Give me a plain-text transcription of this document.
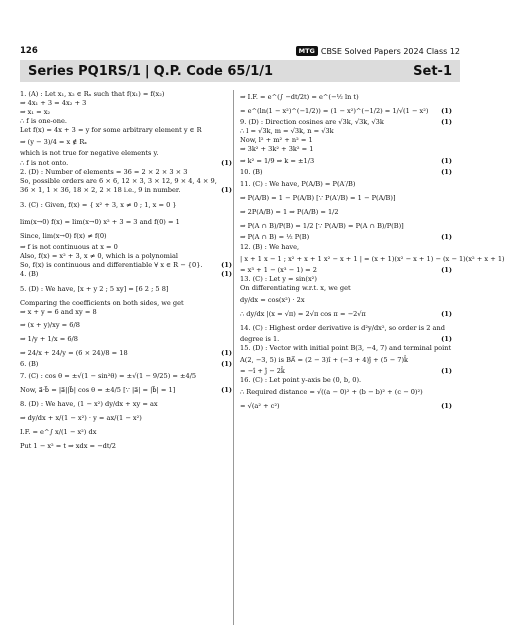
126	MTG CBSE Solved Papers 2024 Class 12
Series PQ1RS/1 | Q.P. Code 65/1/1	Set-1
1. (A) : Let x₁, x₂ ∈ Rₓ such that f(x₁) = f(x₂)
⇒ 4x₁ + 3 = 4x₂ + 3
⇒ x₁ = x₂
∴ f is one-one.
Let f(x) = 4x + 3 = y for some arbitrary element y ∈ R
⇒ (y − 3)/4 = x ∉ Rₓ
which is not true for negative elements y.
∴ f is not onto.	(1)
2. (D) : Number of elements = 36 = 2 × 2 × 3 × 3
So, possible orders are 6 × 6, 12 × 3, 3 × 12, 9 × 4, 4 × 9,
36 × 1, 1 × 36, 18 × 2, 2 × 18 i.e., 9 in number.	(1)
3. (C) : Given, f(x) = { x² + 3, x ≠ 0 ; 1, x = 0 }
lim(x→0) f(x) = lim(x→0) x² + 3 = 3 and f(0) = 1
Since, lim(x→0) f(x) ≠ f(0)
⇒ f is not continuous at x = 0
Also, f(x) = x² + 3, x ≠ 0, which is a polynomial
So, f(x) is continuous and differentiable ∀ x ∈ R − {0}.	(1)
4. (B)	(1)
5. (D) : We have, [x + y 2 ; 5 xy] = [6 2 ; 5 8]
Comparing the coefficients on both sides, we get
⇒ x + y = 6 and xy = 8
⇒ (x + y)/xy = 6/8
⇒ 1/y + 1/x = 6/8
⇒ 24/x + 24/y = (6 × 24)/8 = 18	(1)
6. (B)	(1)
7. (C) : cos θ = ±√(1 − sin²θ) = ±√(1 − 9/25) = ±4/5
Now, a⃗·b⃗ = |a⃗||b⃗| cos θ = ±4/5 [∵ |a⃗| = |b⃗| = 1]	(1)
8. (D) : We have, (1 − x²) dy/dx + xy = ax
⇒ dy/dx + x/(1 − x²) · y = ax/(1 − x²)
I.F. = e^∫ x/(1 − x²) dx
Put 1 − x² = t ⇒ xdx = −dt/2
⇒ I.F. = e^(∫ −dt/2t) = e^(−½ ln t)
= e^(ln(1 − x²)^(−1/2)) = (1 − x²)^(−1/2) = 1/√(1 − x²)	(1)
9. (D) : Direction cosines are √3k, √3k, √3k	(1)
∴ l = √3k, m = √3k, n = √3k
Now, l² + m² + n² = 1
⇒ 3k² + 3k² + 3k² = 1
⇒ k² = 1/9 ⇒ k = ±1/3	(1)
10. (B)	(1)
11. (C) : We have, P(A/B) = P(A′/B)
⇒ P(A/B) = 1 − P(A/B) [∵ P(A′/B) = 1 − P(A/B)]
⇒ 2P(A/B) = 1 ⇒ P(A/B) = 1/2
⇒ P(A ∩ B)/P(B) = 1/2 [∵ P(A/B) = P(A ∩ B)/P(B)]
⇒ P(A ∩ B) = ½ P(B)	(1)
12. (B) : We have,
| x + 1 x − 1 ; x² + x + 1 x² − x + 1 | = (x + 1)(x² − x + 1) − (x − 1)(x² + x + 1)
= x³ + 1 − (x³ − 1) = 2	(1)
13. (C) : Let y = sin(x²)
On differentiating w.r.t. x, we get
dy/dx = cos(x²) · 2x
∴ dy/dx |(x = √π) = 2√π cos π = −2√π	(1)
14. (C) : Highest order derivative is d²y/dx², so order is 2 and
degree is 1.	(1)
15. (D) : Vector with initial point B(3, −4, 7) and terminal point
A(2, −3, 5) is BA⃗ = (2 − 3)î + (−3 + 4)ĵ + (5 − 7)k̂
= −î + ĵ − 2k̂	(1)
16. (C) : Let point y-axis be (0, b, 0).
∴ Required distance = √((a − 0)² + (b − b)² + (c − 0)²)
= √(a² + c²)	(1)
